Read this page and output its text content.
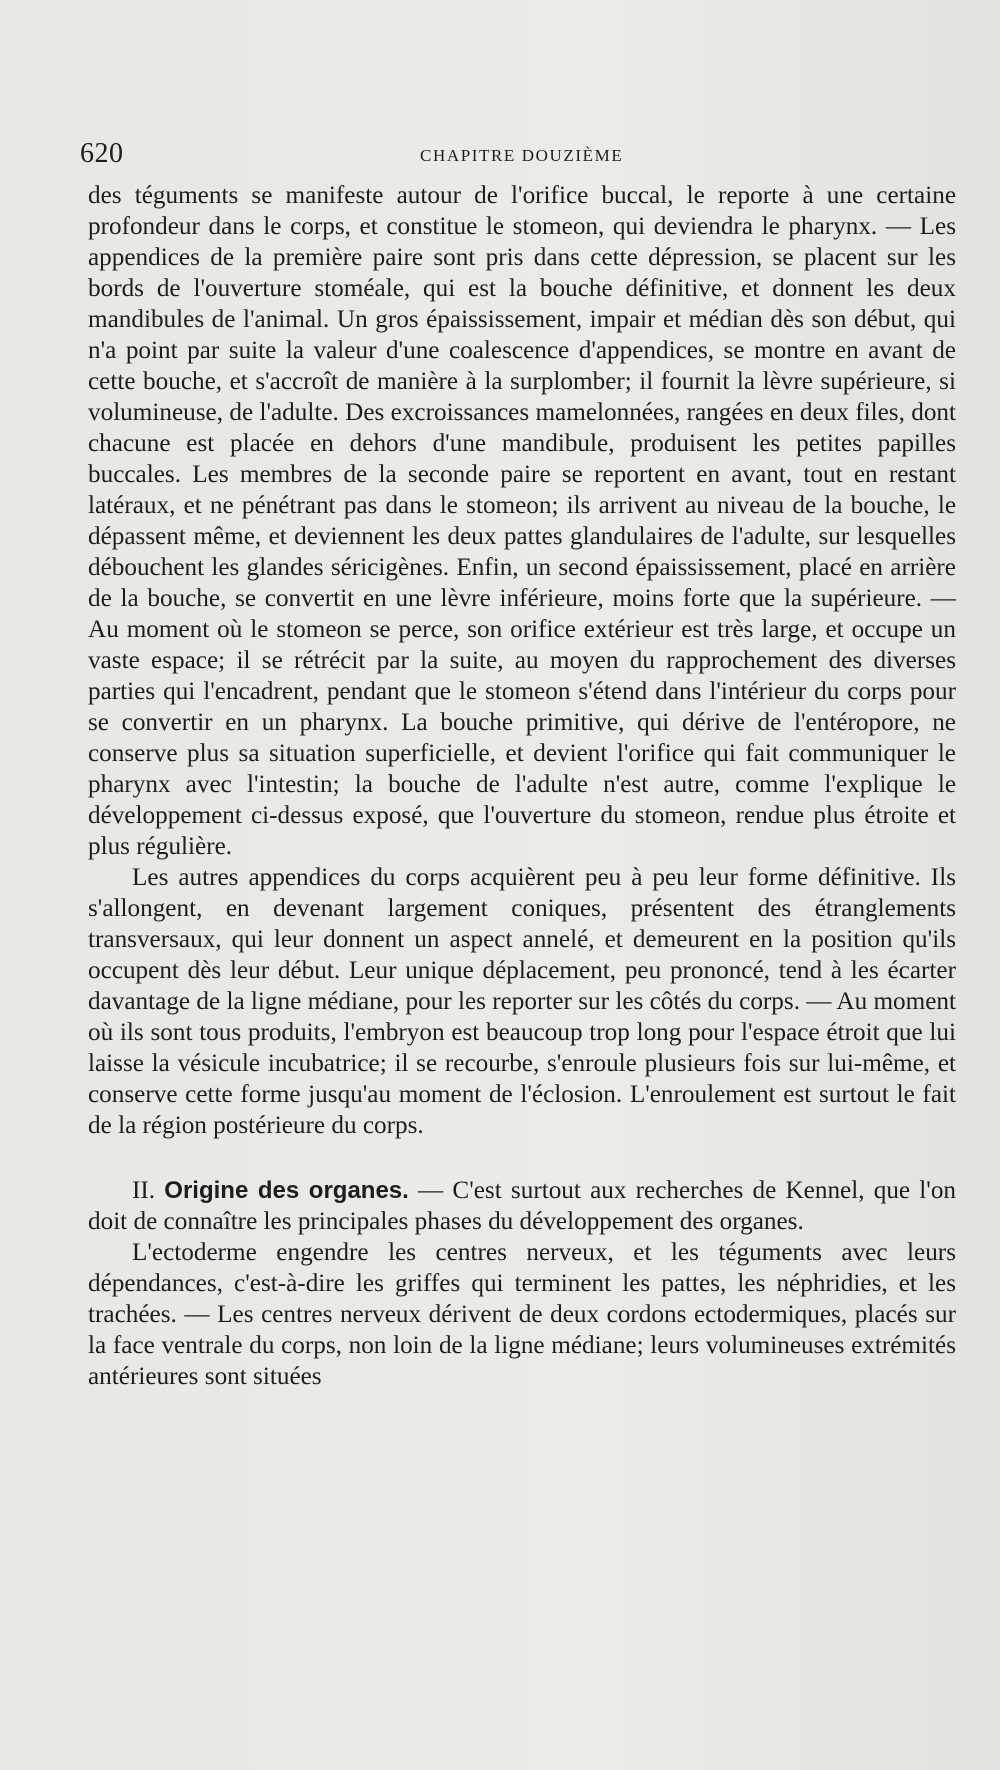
620	CHAPITRE DOUZIÈME

des téguments se manifeste autour de l'orifice buccal, le reporte à une certaine profondeur dans le corps, et constitue le stomeon, qui deviendra le pharynx. — Les appendices de la première paire sont pris dans cette dépression, se placent sur les bords de l'ouverture stoméale, qui est la bouche définitive, et donnent les deux mandibules de l'animal. Un gros épaississement, impair et médian dès son début, qui n'a point par suite la valeur d'une coalescence d'appendices, se montre en avant de cette bouche, et s'accroît de manière à la surplomber; il fournit la lèvre supérieure, si volumineuse, de l'adulte. Des excroissances mamelonnées, rangées en deux files, dont chacune est placée en dehors d'une mandibule, produisent les petites papilles buccales. Les membres de la seconde paire se reportent en avant, tout en restant latéraux, et ne pénétrant pas dans le stomeon; ils arrivent au niveau de la bouche, le dépassent même, et deviennent les deux pattes glandulaires de l'adulte, sur lesquelles débouchent les glandes séricigènes. Enfin, un second épaississement, placé en arrière de la bouche, se convertit en une lèvre inférieure, moins forte que la supérieure. — Au moment où le stomeon se perce, son orifice extérieur est très large, et occupe un vaste espace; il se rétrécit par la suite, au moyen du rapprochement des diverses parties qui l'encadrent, pendant que le stomeon s'étend dans l'intérieur du corps pour se convertir en un pharynx. La bouche primitive, qui dérive de l'entéropore, ne conserve plus sa situation superficielle, et devient l'orifice qui fait communiquer le pharynx avec l'intestin; la bouche de l'adulte n'est autre, comme l'explique le développement ci-dessus exposé, que l'ouverture du stomeon, rendue plus étroite et plus régulière.

Les autres appendices du corps acquièrent peu à peu leur forme définitive. Ils s'allongent, en devenant largement coniques, présentent des étranglements transversaux, qui leur donnent un aspect annelé, et demeurent en la position qu'ils occupent dès leur début. Leur unique déplacement, peu prononcé, tend à les écarter davantage de la ligne médiane, pour les reporter sur les côtés du corps. — Au moment où ils sont tous produits, l'embryon est beaucoup trop long pour l'espace étroit que lui laisse la vésicule incubatrice; il se recourbe, s'enroule plusieurs fois sur lui-même, et conserve cette forme jusqu'au moment de l'éclosion. L'enroulement est surtout le fait de la région postérieure du corps.

II. Origine des organes. — C'est surtout aux recherches de Kennel, que l'on doit de connaître les principales phases du développement des organes.

L'ectoderme engendre les centres nerveux, et les téguments avec leurs dépendances, c'est-à-dire les griffes qui terminent les pattes, les néphridies, et les trachées. — Les centres nerveux dérivent de deux cordons ectodermiques, placés sur la face ventrale du corps, non loin de la ligne médiane; leurs volumineuses extrémités antérieures sont situées
